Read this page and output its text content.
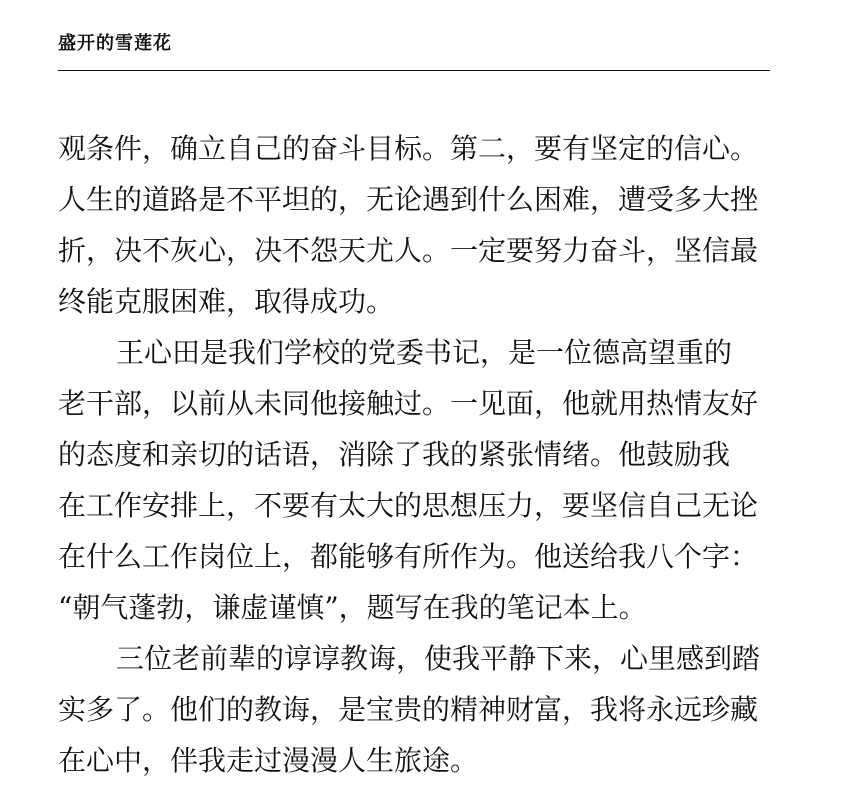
盛开的雪莲花
观条件，确立自己的奋斗目标。第二，要有坚定的信心。
人生的道路是不平坦的，无论遇到什么困难，遭受多大挫
折，决不灰心，决不怨天尤人。一定要努力奋斗，坚信最
终能克服困难，取得成功。
王心田是我们学校的党委书记，是一位德高望重的
老干部，以前从未同他接触过。一见面，他就用热情友好
的态度和亲切的话语，消除了我的紧张情绪。他鼓励我
在工作安排上，不要有太大的思想压力，要坚信自己无论
在什么工作岗位上，都能够有所作为。他送给我八个字：
“朝气蓬勃，谦虚谨慎”，题写在我的笔记本上。
三位老前辈的谆谆教诲，使我平静下来，心里感到踏
实多了。他们的教诲，是宝贵的精神财富，我将永远珍藏
在心中，伴我走过漫漫人生旅途。
